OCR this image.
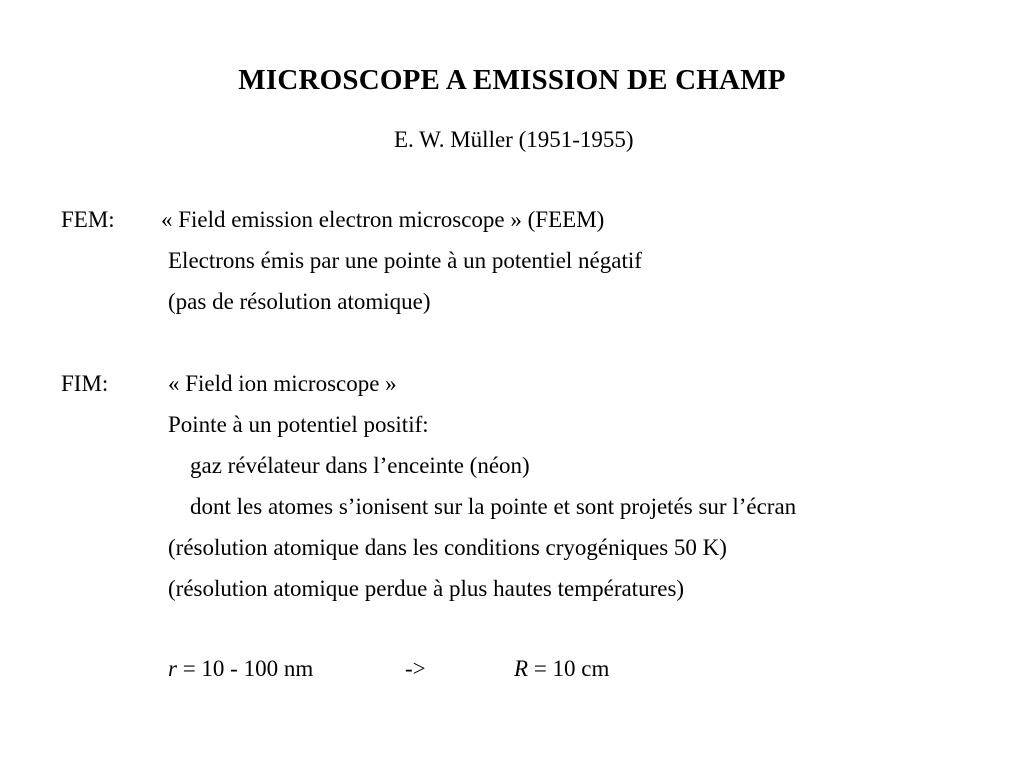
MICROSCOPE A EMISSION DE CHAMP
E. W. Müller (1951-1955)
FEM: « Field emission electron microscope » (FEEM)
Electrons émis par une pointe à un potentiel négatif
(pas de résolution atomique)
FIM:	« Field ion microscope »
Pointe à un potentiel positif:
gaz révélateur dans l’enceinte (néon)
dont les atomes s’ionisent sur la pointe et sont projetés sur l’écran
(résolution atomique dans les conditions cryogéniques 50 K)
(résolution atomique perdue à plus hautes températures)
r = 10 - 100 nm	->	R = 10 cm
